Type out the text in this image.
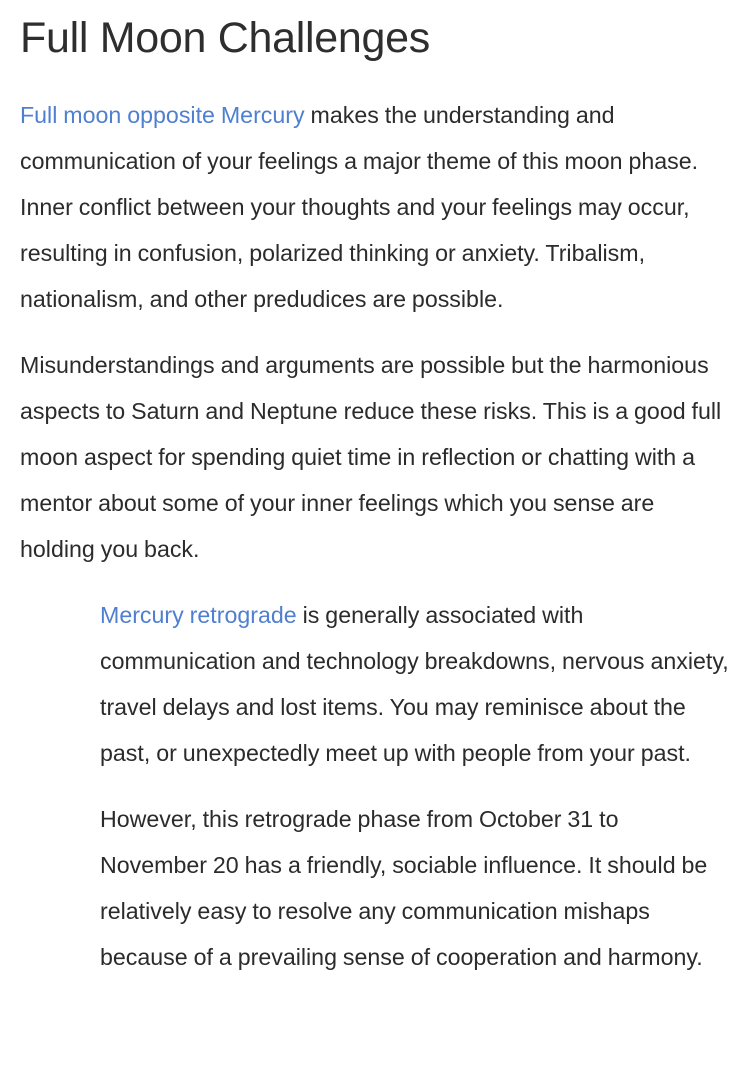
Full Moon Challenges

Full moon opposite Mercury makes the understanding and communication of your feelings a major theme of this moon phase. Inner conflict between your thoughts and your feelings may occur, resulting in confusion, polarized thinking or anxiety. Tribalism, nationalism, and other predudices are possible.

Misunderstandings and arguments are possible but the harmonious aspects to Saturn and Neptune reduce these risks. This is a good full moon aspect for spending quiet time in reflection or chatting with a mentor about some of your inner feelings which you sense are holding you back.

Mercury retrograde is generally associated with communication and technology breakdowns, nervous anxiety, travel delays and lost items. You may reminisce about the past, or unexpectedly meet up with people from your past.

However, this retrograde phase from October 31 to November 20 has a friendly, sociable influence. It should be relatively easy to resolve any communication mishaps because of a prevailing sense of cooperation and harmony.
